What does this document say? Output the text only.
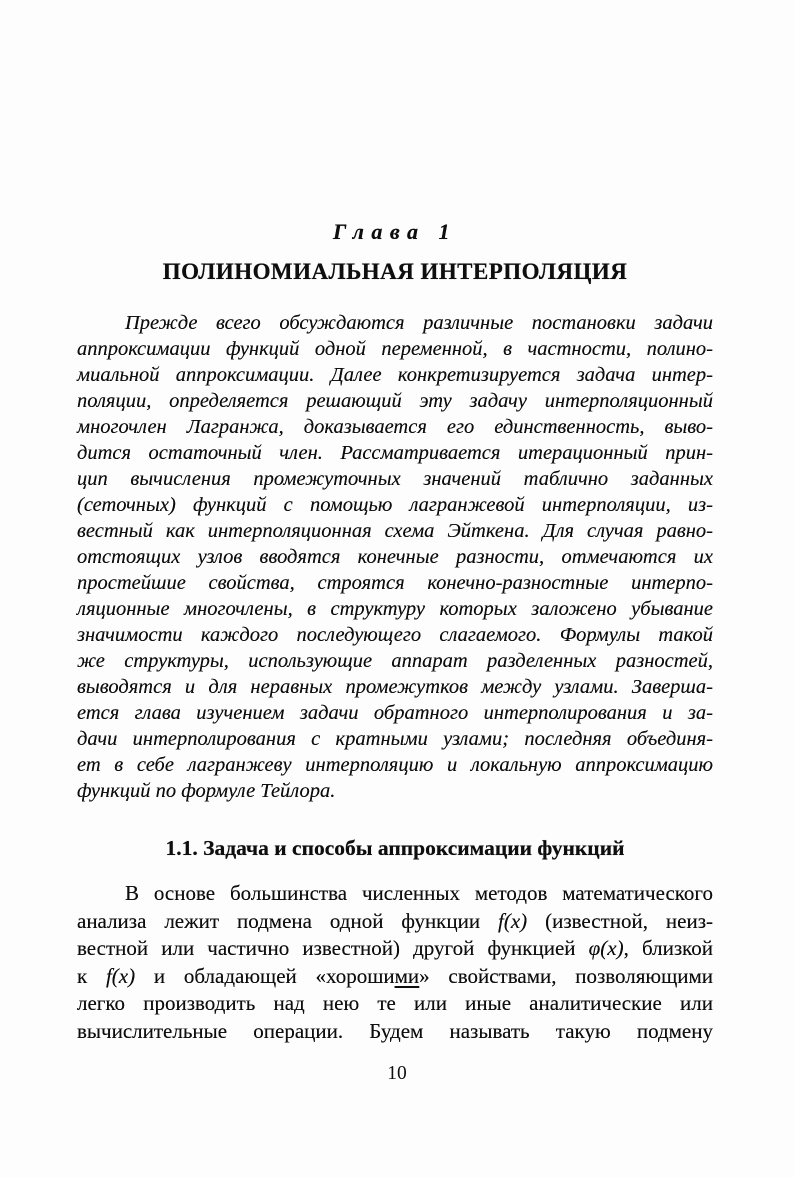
Глава 1
ПОЛИНОМИАЛЬНАЯ ИНТЕРПОЛЯЦИЯ
Прежде всего обсуждаются различные постановки задачи
аппроксимации функций одной переменной, в частности, полино-
миальной аппроксимации. Далее конкретизируется задача интер-
поляции, определяется решающий эту задачу интерполяционный
многочлен Лагранжа, доказывается его единственность, выво-
дится остаточный член. Рассматривается итерационный прин-
цип вычисления промежуточных значений таблично заданных
(сеточных) функций с помощью лагранжевой интерполяции, из-
вестный как интерполяционная схема Эйткена. Для случая равно-
отстоящих узлов вводятся конечные разности, отмечаются их
простейшие свойства, строятся конечно-разностные интерпо-
ляционные многочлены, в структуру которых заложено убывание
значимости каждого последующего слагаемого. Формулы такой
же структуры, использующие аппарат разделенных разностей,
выводятся и для неравных промежутков между узлами. Заверша-
ется глава изучением задачи обратного интерполирования и за-
дачи интерполирования с кратными узлами; последняя объединя-
ет в себе лагранжеву интерполяцию и локальную аппроксимацию
функций по формуле Тейлора.
1.1. Задача и способы аппроксимации функций
В основе большинства численных методов математического
анализа лежит подмена одной функции f(x) (известной, неиз-
вестной или частично известной) другой функцией φ(x), близкой
к f(x) и обладающей «хорошими» свойствами, позволяющими
легко производить над нею те или иные аналитические или
вычислительные операции. Будем называть такую подмену
10
